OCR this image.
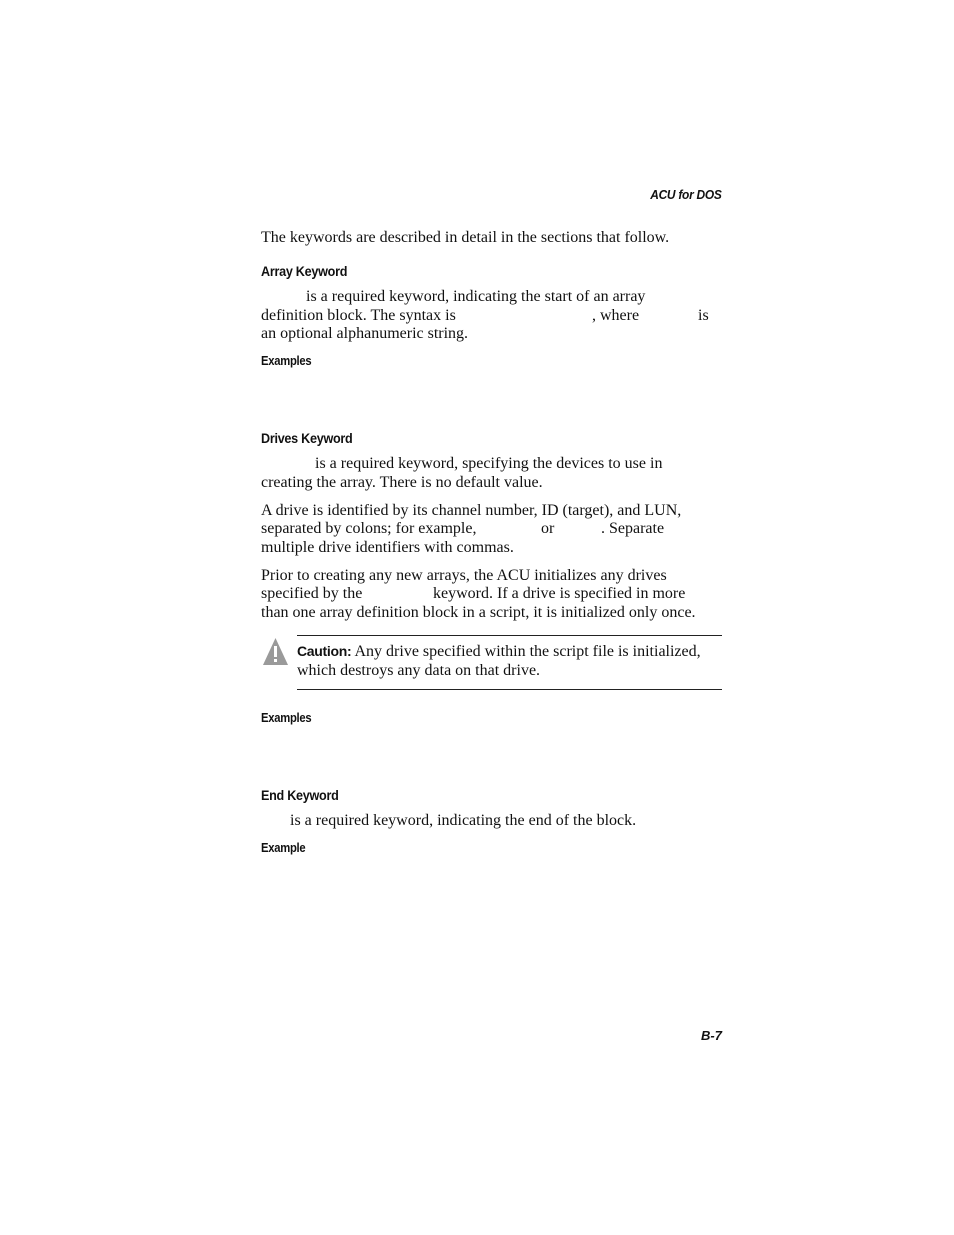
ACU for DOS
The keywords are described in detail in the sections that follow.
Array Keyword
is a required keyword, indicating the start of an array
definition block. The syntax is	, where	is
an optional alphanumeric string.
Examples
Drives Keyword
is a required keyword, specifying the devices to use in
creating the array. There is no default value.
A drive is identified by its channel number, ID (target), and LUN,
separated by colons; for example,	or	. Separate
multiple drive identifiers with commas.
Prior to creating any new arrays, the ACU initializes any drives
specified by the	keyword. If a drive is specified in more
than one array definition block in a script, it is initialized only once.
Caution: Any drive specified within the script file is initialized,
which destroys any data on that drive.
Examples
End Keyword
is a required keyword, indicating the end of the block.
Example
B-7
